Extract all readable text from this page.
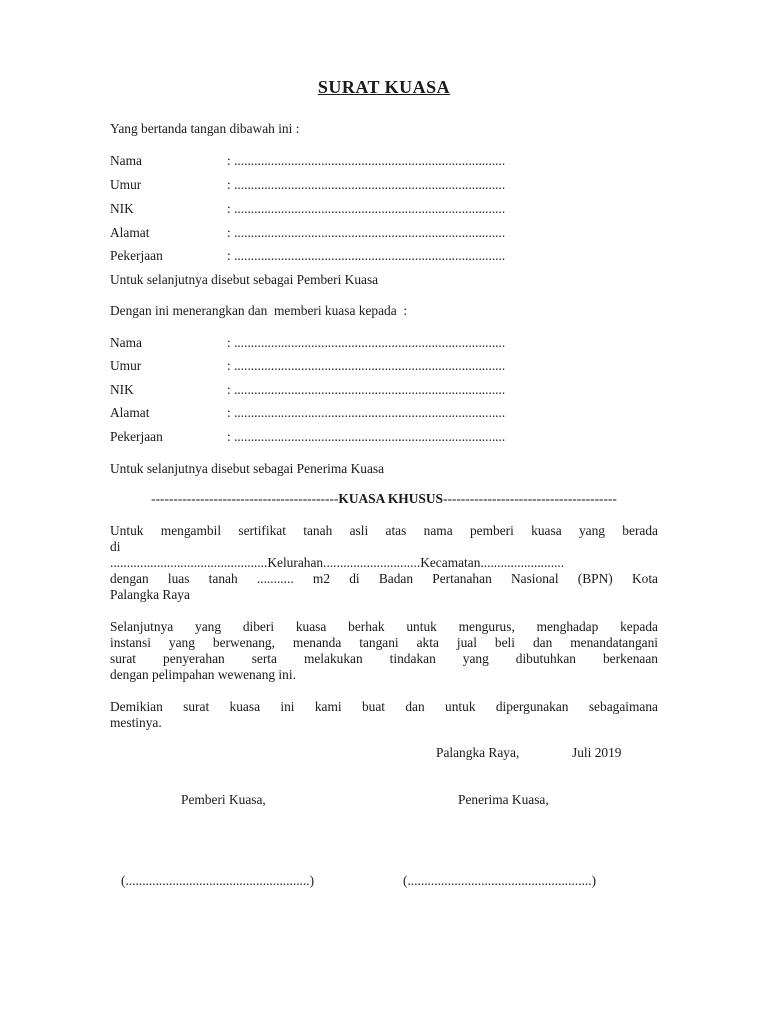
SURAT KUASA
Yang bertanda tangan dibawah ini :
Nama	: .................................................................................
Umur	: .................................................................................
NIK	: .................................................................................
Alamat	: .................................................................................
Pekerjaan	: .................................................................................
Untuk selanjutnya disebut sebagai Pemberi Kuasa
Dengan ini menerangkan dan  memberi kuasa kepada  :
Nama	: .................................................................................
Umur	: .................................................................................
NIK	: .................................................................................
Alamat	: .................................................................................
Pekerjaan	: .................................................................................
Untuk selanjutnya disebut sebagai Penerima Kuasa
------------------------------------------KUASA KHUSUS---------------------------------------
Untuk mengambil sertifikat tanah asli atas nama pemberi kuasa yang berada
di
...............................................Kelurahan.............................Kecamatan.........................
dengan luas tanah ........... m2 di Badan Pertanahan Nasional (BPN) Kota
Palangka Raya
Selanjutnya yang diberi kuasa berhak untuk mengurus, menghadap kepada
instansi yang berwenang, menanda tangani akta jual beli dan menandatangani
surat penyerahan serta melakukan tindakan yang dibutuhkan berkenaan
dengan pelimpahan wewenang ini.
Demikian surat kuasa ini kami buat dan untuk dipergunakan sebagaimana
mestinya.
Palangka Raya,	Juli 2019
Pemberi Kuasa,	Penerima Kuasa,
(.......................................................)	(.......................................................)
